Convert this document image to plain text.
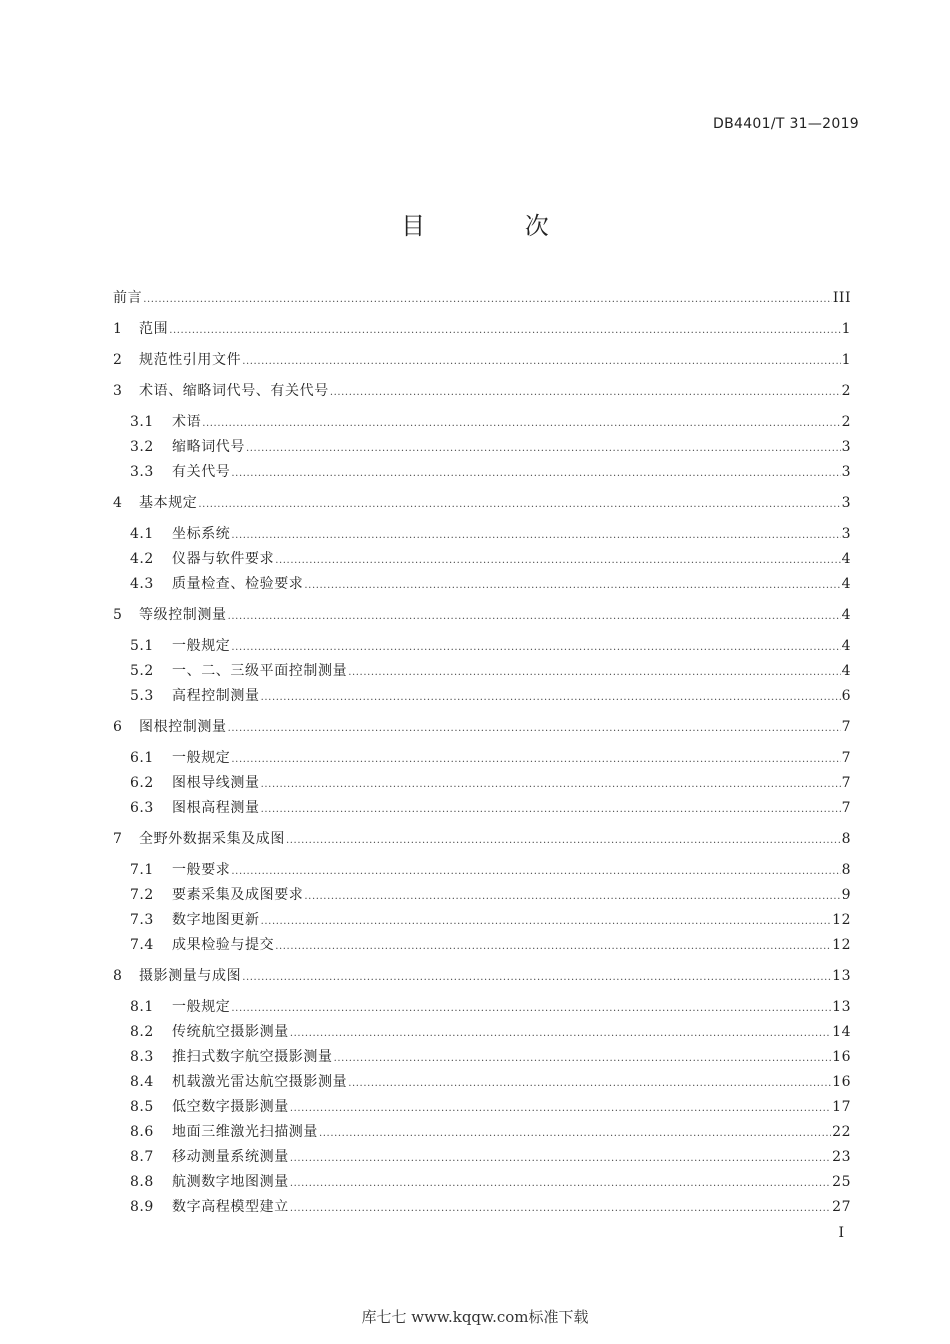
DB4401/T 31—2019
目 次
前言 .....	III
1	范围 .....	1
2	规范性引用文件 .....	1
3	术语、缩略词代号、有关代号 .....	2
3.1	术语 .....	2
3.2	缩略词代号 .....	3
3.3	有关代号 .....	3
4	基本规定 .....	3
4.1	坐标系统 .....	3
4.2	仪器与软件要求 .....	4
4.3	质量检查、检验要求 .....	4
5	等级控制测量 .....	4
5.1	一般规定 .....	4
5.2	一、二、三级平面控制测量 .....	4
5.3	高程控制测量 .....	6
6	图根控制测量 .....	7
6.1	一般规定 .....	7
6.2	图根导线测量 .....	7
6.3	图根高程测量 .....	7
7	全野外数据采集及成图 .....	8
7.1	一般要求 .....	8
7.2	要素采集及成图要求 .....	9
7.3	数字地图更新 .....	12
7.4	成果检验与提交 .....	12
8	摄影测量与成图 .....	13
8.1	一般规定 .....	13
8.2	传统航空摄影测量 .....	14
8.3	推扫式数字航空摄影测量 .....	16
8.4	机载激光雷达航空摄影测量 .....	16
8.5	低空数字摄影测量 .....	17
8.6	地面三维激光扫描测量 .....	22
8.7	移动测量系统测量 .....	23
8.8	航测数字地图测量 .....	25
8.9	数字高程模型建立 .....	27
I
库七七 www.kqqw.com标准下载
